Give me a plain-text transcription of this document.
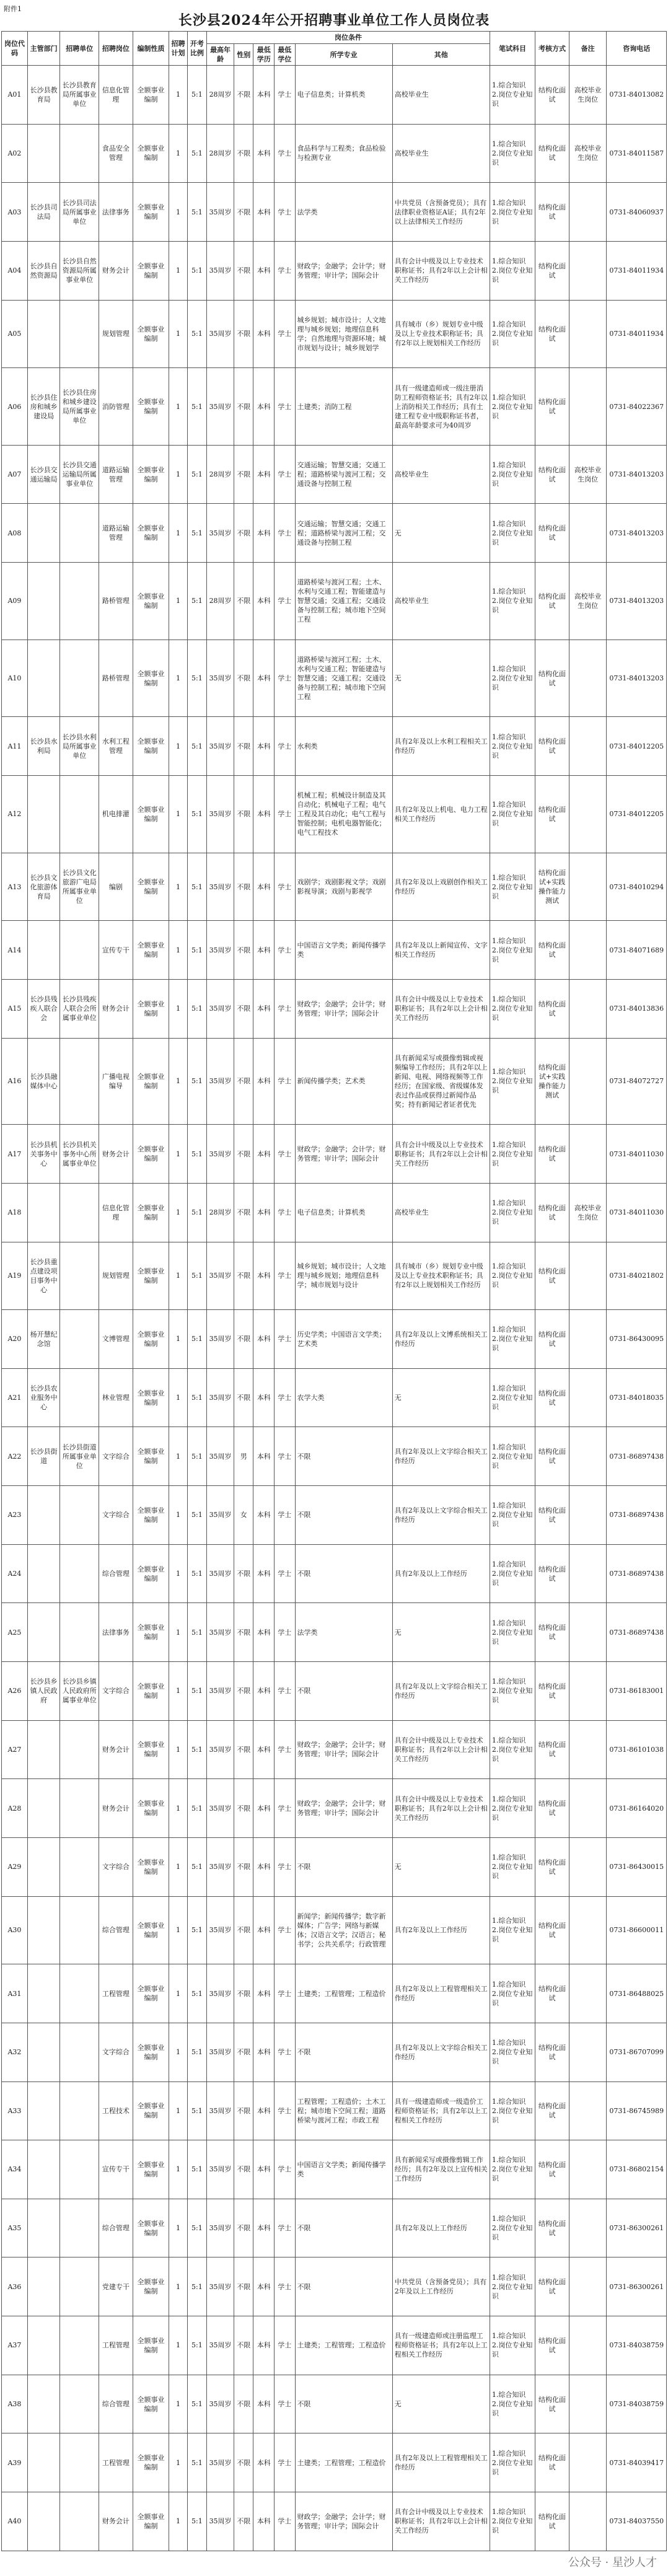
附件1
长沙县2024年公开招聘事业单位工作人员岗位表
岗位代码	主管部门	招聘单位	招聘岗位	编制性质	招聘计划	开考比例	岗位条件						笔试科目	考核方式	备注	咨询电话
							最高年龄	性别	最低学历	最低学位	所学专业	其他				
A01	长沙县教育局	长沙县教育局所属事业单位	信息化管理	全额事业编制	1	5:1	28周岁	不限	本科	学士	电子信息类；计算机类	高校毕业生	1.综合知识
2.岗位专业知识	结构化面试	高校毕业生岗位	0731-84013082
A02			食品安全管理	全额事业编制	1	5:1	28周岁	不限	本科	学士	食品科学与工程类；食品检验与检测专业	高校毕业生	1.综合知识
2.岗位专业知识	结构化面试	高校毕业生岗位	0731-84011587
A03	长沙县司法局	长沙县司法局所属事业单位	法律事务	全额事业编制	1	5:1	35周岁	不限	本科	学士	法学类	中共党员（含预备党员）；具有法律职业资格证A证；具有2年以上法律相关工作经历	1.综合知识
2.岗位专业知识	结构化面试		0731-84060937
A04	长沙县自然资源局	长沙县自然资源局所属事业单位	财务会计	全额事业编制	1	5:1	35周岁	不限	本科	学士	财政学；金融学；会计学；财务管理；审计学；国际会计	具有会计中级及以上专业技术职称证书；具有2年以上会计相关工作经历	1.综合知识
2.岗位专业知识	结构化面试		0731-84011934
A05			规划管理	全额事业编制	1	5:1	35周岁	不限	本科	学士	城乡规划；城市设计；人文地理与城乡规划；地理信息科学；自然地理与资源环境；城市规划与设计；城乡规划学	具有城市（乡）规划专业中级及以上专业技术职称证书；具有2年以上规划相关工作经历	1.综合知识
2.岗位专业知识	结构化面试		0731-84011934
A06	长沙县住房和城乡建设局	长沙县住房和城乡建设局所属事业单位	消防管理	全额事业编制	1	5:1	35周岁	不限	本科	学士	土建类；消防工程	具有一级建造师或一级注册消防工程师资格证书；具有2年以上消防相关工作经历；具有土建工程专业中级职称证书者，最高年龄要求可为40周岁	1.综合知识
2.岗位专业知识	结构化面试		0731-84022367
A07	长沙县交通运输局	长沙县交通运输局所属事业单位	道路运输管理	全额事业编制	1	5:1	28周岁	不限	本科	学士	交通运输；智慧交通；交通工程；道路桥梁与渡河工程；交通设备与控制工程	高校毕业生	1.综合知识
2.岗位专业知识	结构化面试	高校毕业生岗位	0731-84013203
A08			道路运输管理	全额事业编制	1	5:1	35周岁	不限	本科	学士	交通运输；智慧交通；交通工程；道路桥梁与渡河工程；交通设备与控制工程	无	1.综合知识
2.岗位专业知识	结构化面试		0731-84013203
A09			路桥管理	全额事业编制	1	5:1	28周岁	不限	本科	学士	道路桥梁与渡河工程；土木、水利与交通工程；智能建造与智慧交通；交通工程；交通设备与控制工程；城市地下空间工程	高校毕业生	1.综合知识
2.岗位专业知识	结构化面试	高校毕业生岗位	0731-84013203
A10			路桥管理	全额事业编制	1	5:1	35周岁	不限	本科	学士	道路桥梁与渡河工程；土木、水利与交通工程；智能建造与智慧交通；交通工程；交通设备与控制工程；城市地下空间工程	无	1.综合知识
2.岗位专业知识	结构化面试		0731-84013203
A11	长沙县水利局	长沙县水利局所属事业单位	水利工程管理	全额事业编制	1	5:1	35周岁	不限	本科	学士	水利类	具有2年及以上水利工程相关工作经历	1.综合知识
2.岗位专业知识	结构化面试		0731-84012205
A12			机电排灌	全额事业编制	1	5:1	35周岁	不限	本科	学士	机械工程；机械设计制造及其自动化；机械电子工程；电气工程及其自动化；电气工程与智能控制；电机电器智能化；电气工程技术	具有2年及以上机电、电力工程相关工作经历	1.综合知识
2.岗位专业知识	结构化面试		0731-84012205
A13	长沙县文化旅游体育局	长沙县文化旅游广电局所属事业单位	编剧	全额事业编制	1	5:1	35周岁	不限	本科	学士	戏剧学；戏剧影视文学；戏剧影视导演；戏剧与影视学	具有2年及以上戏剧创作相关工作经历	1.综合知识
2.岗位专业知识	结构化面试+实践操作能力测试		0731-84010294
A14			宣传专干	全额事业编制	1	5:1	35周岁	不限	本科	学士	中国语言文学类；新闻传播学类	具有2年及以上新闻宣传、文字相关工作经历	1.综合知识
2.岗位专业知识	结构化面试		0731-84071689
A15	长沙县残疾人联合会	长沙县残疾人联合会所属事业单位	财务会计	全额事业编制	1	5:1	35周岁	不限	本科	学士	财政学；金融学；会计学；财务管理；审计学；国际会计	具有会计中级及以上专业技术职称证书；具有2年以上会计相关工作经历	1.综合知识
2.岗位专业知识	结构化面试		0731-84013836
A16	长沙县融媒体中心		广播电视编导	全额事业编制	1	5:1	35周岁	不限	本科	学士	新闻传播学类；艺术类	具有新闻采写或摄像剪辑或视频编导工作经历；具有2年以上新闻、电视、网络视频等工作经历；在国家级、省级媒体发表过作品或获得过新闻作品奖；持有新闻记者证者优先	1.综合知识
2.岗位专业知识	结构化面试+实践操作能力测试		0731-84072727
A17	长沙县机关事务中心	长沙县机关事务中心所属事业单位	财务会计	全额事业编制	1	5:1	35周岁	不限	本科	学士	财政学；金融学；会计学；财务管理；审计学；国际会计	具有会计中级及以上专业技术职称证书；具有2年以上会计相关工作经历	1.综合知识
2.岗位专业知识	结构化面试		0731-84011030
A18			信息化管理	全额事业编制	1	5:1	28周岁	不限	本科	学士	电子信息类；计算机类	高校毕业生	1.综合知识
2.岗位专业知识	结构化面试	高校毕业生岗位	0731-84011030
A19	长沙县重点建设项目事务中心		规划管理	全额事业编制	1	5:1	35周岁	不限	本科	学士	城乡规划；城市设计；人文地理与城乡规划；地理信息科学；城市规划与设计	具有城市（乡）规划专业中级及以上专业技术职称证书；具有2年以上规划相关工作经历	1.综合知识
2.岗位专业知识	结构化面试		0731-84021802
A20	杨开慧纪念馆		文博管理	全额事业编制	1	5:1	35周岁	不限	本科	学士	历史学类；中国语言文学类；艺术类	具有2年及以上文博系统相关工作经历	1.综合知识
2.岗位专业知识	结构化面试		0731-86430095
A21	长沙县农业服务中心		林业管理	全额事业编制	1	5:1	35周岁	不限	本科	学士	农学大类	无	1.综合知识
2.岗位专业知识	结构化面试		0731-84018035
A22	长沙县街道	长沙县街道所属事业单位	文字综合	全额事业编制	1	5:1	35周岁	男	本科	学士	不限	具有2年及以上文字综合相关工作经历	1.综合知识
2.岗位专业知识	结构化面试		0731-86897438
A23			文字综合	全额事业编制	1	5:1	35周岁	女	本科	学士	不限	具有2年及以上文字综合相关工作经历	1.综合知识
2.岗位专业知识	结构化面试		0731-86897438
A24			综合管理	全额事业编制	1	5:1	35周岁	不限	本科	学士	不限	具有2年及以上工作经历	1.综合知识
2.岗位专业知识	结构化面试		0731-86897438
A25			法律事务	全额事业编制	1	5:1	35周岁	不限	本科	学士	法学类	无	1.综合知识
2.岗位专业知识	结构化面试		0731-86897438
A26	长沙县乡镇人民政府	长沙县乡镇人民政府所属事业单位	文字综合	全额事业编制	1	5:1	35周岁	不限	本科	学士	不限	具有2年及以上文字综合相关工作经历	1.综合知识
2.岗位专业知识	结构化面试		0731-86183001
A27			财务会计	全额事业编制	1	5:1	35周岁	不限	本科	学士	财政学；金融学；会计学；财务管理；审计学；国际会计	具有会计中级及以上专业技术职称证书；具有2年以上会计相关工作经历	1.综合知识
2.岗位专业知识	结构化面试		0731-86101038
A28			财务会计	全额事业编制	1	5:1	35周岁	不限	本科	学士	财政学；金融学；会计学；财务管理；审计学；国际会计	具有会计中级及以上专业技术职称证书；具有2年以上会计相关工作经历	1.综合知识
2.岗位专业知识	结构化面试		0731-86164020
A29			文字综合	全额事业编制	1	5:1	35周岁	不限	本科	学士	不限	无	1.综合知识
2.岗位专业知识	结构化面试		0731-86430015
A30			综合管理	全额事业编制	1	5:1	35周岁	不限	本科	学士	新闻学；新闻传播学；数字新媒体；广告学；网络与新媒体；汉语言文学；汉语言；秘书学；公共关系学；行政管理	具有2年及以上工作经历	1.综合知识
2.岗位专业知识	结构化面试		0731-86600011
A31			工程管理	全额事业编制	1	5:1	35周岁	不限	本科	学士	土建类；工程管理；工程造价	具有2年及以上工程管理相关工作经历	1.综合知识
2.岗位专业知识	结构化面试		0731-86488025
A32			文字综合	全额事业编制	1	5:1	35周岁	不限	本科	学士	不限	具有2年及以上文字综合相关工作经历	1.综合知识
2.岗位专业知识	结构化面试		0731-86707099
A33			工程技术	全额事业编制	1	5:1	35周岁	不限	本科	学士	工程管理；工程造价；土木工程；城市地下空间工程；道路桥梁与渡河工程；市政工程	具有一级建造师或一级造价工程师资格证书；具有2年以上工程相关工作经历	1.综合知识
2.岗位专业知识	结构化面试		0731-86745989
A34			宣传专干	全额事业编制	1	5:1	35周岁	不限	本科	学士	中国语言文学类；新闻传播学类	具有新闻采写或摄像剪辑工作经历；具有2年及以上宣传相关工作经历	1.综合知识
2.岗位专业知识	结构化面试		0731-86802154
A35			综合管理	全额事业编制	1	5:1	35周岁	不限	本科	学士	不限	具有2年及以上工作经历	1.综合知识
2.岗位专业知识	结构化面试		0731-86300261
A36			党建专干	全额事业编制	1	5:1	35周岁	不限	本科	学士	不限	中共党员（含预备党员）；具有2年及以上工作经历	1.综合知识
2.岗位专业知识	结构化面试		0731-86300261
A37			工程管理	全额事业编制	1	5:1	35周岁	不限	本科	学士	土建类；工程管理；工程造价	具有一级建造师或注册监理工程师资格证书；具有2年以上工程相关工作经历	1.综合知识
2.岗位专业知识	结构化面试		0731-84038759
A38			综合管理	全额事业编制	1	5:1	35周岁	不限	本科	学士	不限	无	1.综合知识
2.岗位专业知识	结构化面试		0731-84038759
A39			工程管理	全额事业编制	1	5:1	35周岁	不限	本科	学士	土建类；工程管理；工程造价	具有2年及以上工程管理相关工作经历	1.综合知识
2.岗位专业知识	结构化面试		0731-84039417
A40			财务会计	全额事业编制	1	5:1	35周岁	不限	本科	学士	财政学；金融学；会计学；财务管理；审计学；国际会计	具有会计中级及以上专业技术职称证书；具有2年以上会计相关工作经历	1.综合知识
2.岗位专业知识	结构化面试		0731-84037550
公众号 · 星沙人才
